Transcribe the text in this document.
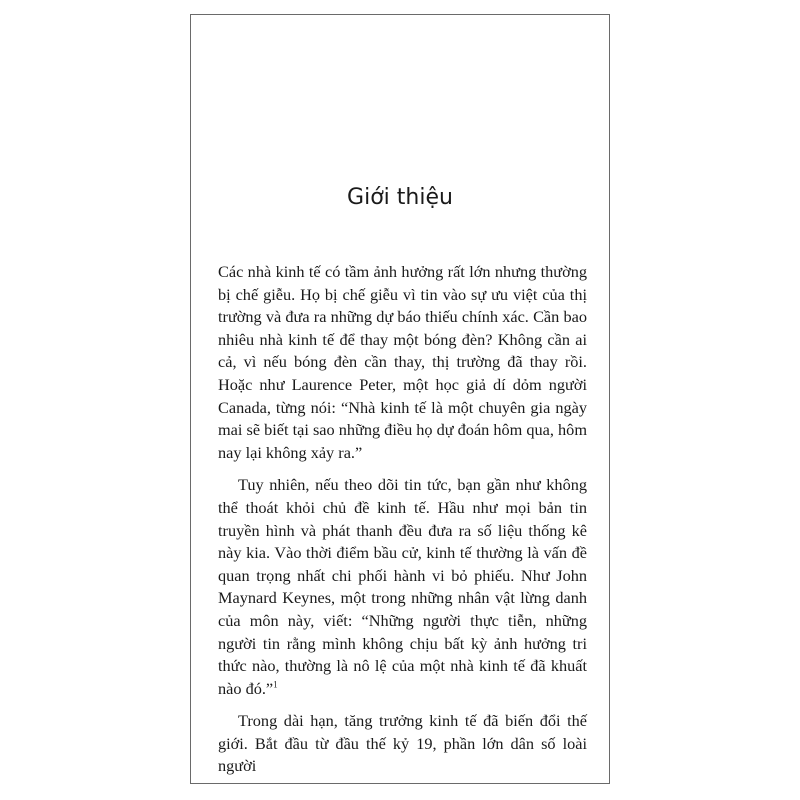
Giới thiệu

Các nhà kinh tế có tầm ảnh hưởng rất lớn nhưng thường bị chế giễu. Họ bị chế giễu vì tin vào sự ưu việt của thị trường và đưa ra những dự báo thiếu chính xác. Cần bao nhiêu nhà kinh tế để thay một bóng đèn? Không cần ai cả, vì nếu bóng đèn cần thay, thị trường đã thay rồi. Hoặc như Laurence Peter, một học giả dí dỏm người Canada, từng nói: “Nhà kinh tế là một chuyên gia ngày mai sẽ biết tại sao những điều họ dự đoán hôm qua, hôm nay lại không xảy ra.”

Tuy nhiên, nếu theo dõi tin tức, bạn gần như không thể thoát khỏi chủ đề kinh tế. Hầu như mọi bản tin truyền hình và phát thanh đều đưa ra số liệu thống kê này kia. Vào thời điểm bầu cử, kinh tế thường là vấn đề quan trọng nhất chi phối hành vi bỏ phiếu. Như John Maynard Keynes, một trong những nhân vật lừng danh của môn này, viết: “Những người thực tiễn, những người tin rằng mình không chịu bất kỳ ảnh hưởng tri thức nào, thường là nô lệ của một nhà kinh tế đã khuất nào đó.”$^1$

Trong dài hạn, tăng trưởng kinh tế đã biến đổi thế giới. Bắt đầu từ đầu thế kỷ 19, phần lớn dân số loài người
